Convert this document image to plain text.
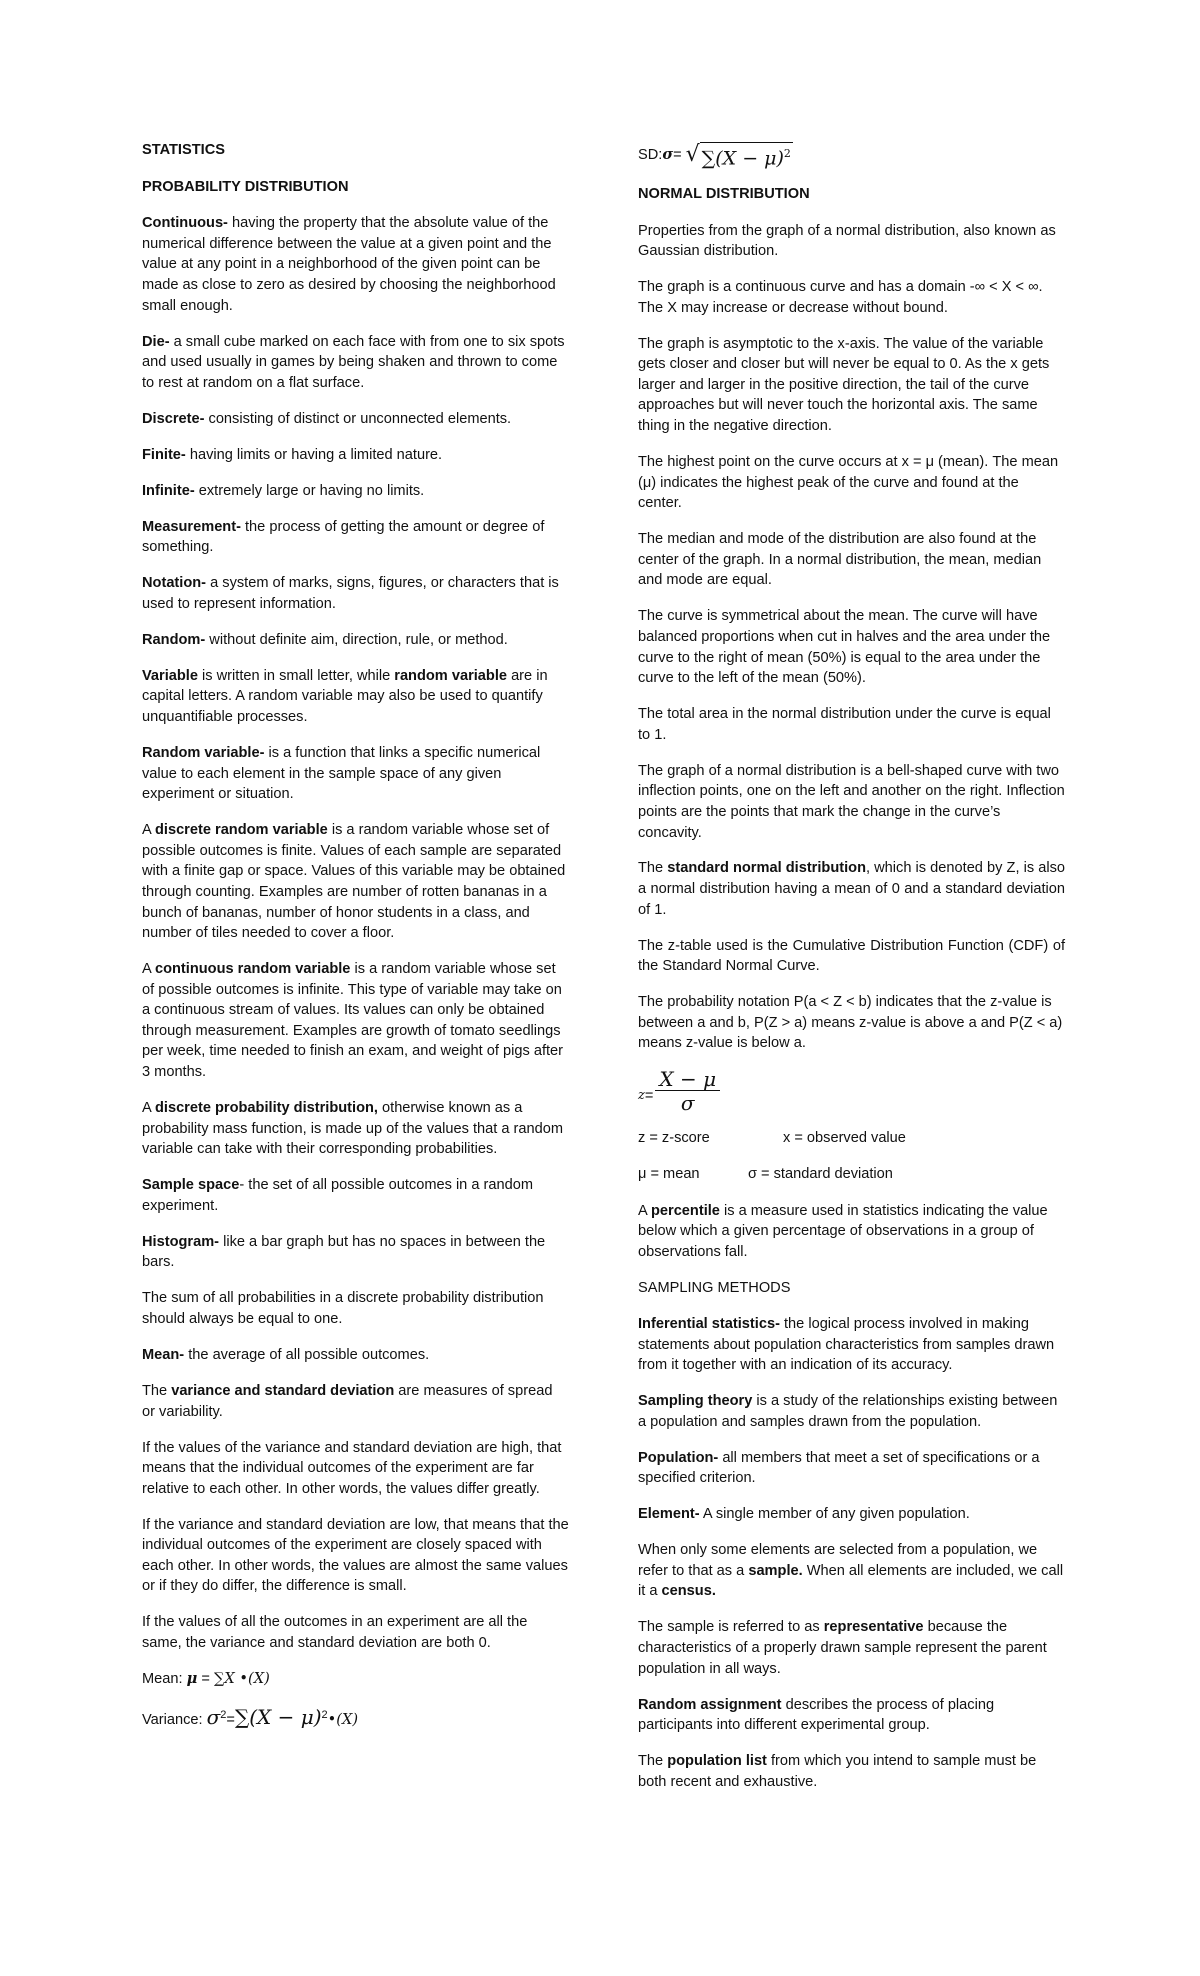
STATISTICS

PROBABILITY DISTRIBUTION

Continuous- having the property that the absolute value of the numerical difference between the value at a given point and the value at any point in a neighborhood of the given point can be made as close to zero as desired by choosing the neighborhood small enough.

Die- a small cube marked on each face with from one to six spots and used usually in games by being shaken and thrown to come to rest at random on a flat surface.

Discrete- consisting of distinct or unconnected elements.

Finite- having limits or having a limited nature.

Infinite- extremely large or having no limits.

Measurement- the process of getting the amount or degree of something.

Notation- a system of marks, signs, figures, or characters that is used to represent information.

Random- without definite aim, direction, rule, or method.

Variable is written in small letter, while random variable are in capital letters. A random variable may also be used to quantify unquantifiable processes.

Random variable- is a function that links a specific numerical value to each element in the sample space of any given experiment or situation.

A discrete random variable is a random variable whose set of possible outcomes is finite. Values of each sample are separated with a finite gap or space. Values of this variable may be obtained through counting. Examples are number of rotten bananas in a bunch of bananas, number of honor students in a class, and number of tiles needed to cover a floor.

A continuous random variable is a random variable whose set of possible outcomes is infinite. This type of variable may take on a continuous stream of values. Its values can only be obtained through measurement. Examples are growth of tomato seedlings per week, time needed to finish an exam, and weight of pigs after 3 months.

A discrete probability distribution, otherwise known as a probability mass function, is made up of the values that a random variable can take with their corresponding probabilities.

Sample space- the set of all possible outcomes in a random experiment.

Histogram- like a bar graph but has no spaces in between the bars.

The sum of all probabilities in a discrete probability distribution should always be equal to one.

Mean- the average of all possible outcomes.

The variance and standard deviation are measures of spread or variability.

If the values of the variance and standard deviation are high, that means that the individual outcomes of the experiment are far relative to each other. In other words, the values differ greatly.

If the variance and standard deviation are low, that means that the individual outcomes of the experiment are closely spaced with each other. In other words, the values are almost the same values or if they do differ, the difference is small.

If the values of all the outcomes in an experiment are all the same, the variance and standard deviation are both 0.

Mean: μ = ∑X •(X)

Variance: $\sigma^2=\sum(X$ − $\mu)^2•(X)$

SD: σ = √ $\sum(X - \mu)^2$

NORMAL DISTRIBUTION

Properties from the graph of a normal distribution, also known as Gaussian distribution.

The graph is a continuous curve and has a domain -∞ < X < ∞. The X may increase or decrease without bound.

The graph is asymptotic to the x-axis. The value of the variable gets closer and closer but will never be equal to 0. As the x gets larger and larger in the positive direction, the tail of the curve approaches but will never touch the horizontal axis. The same thing in the negative direction.

The highest point on the curve occurs at x = μ (mean). The mean (μ) indicates the highest peak of the curve and found at the center.

The median and mode of the distribution are also found at the center of the graph. In a normal distribution, the mean, median and mode are equal.

The curve is symmetrical about the mean. The curve will have balanced proportions when cut in halves and the area under the curve to the right of mean (50%) is equal to the area under the curve to the left of the mean (50%).

The total area in the normal distribution under the curve is equal to 1.

The graph of a normal distribution is a bell-shaped curve with two inflection points, one on the left and another on the right. Inflection points are the points that mark the change in the curve’s concavity.

The standard normal distribution, which is denoted by Z, is also a normal distribution having a mean of 0 and a standard deviation of 1.

The z-table used is the Cumulative Distribution Function (CDF) of the Standard Normal Curve.

The probability notation P(a < Z < b) indicates that the z-value is between a and b, P(Z > a) means z-value is above a and P(Z < a) means z-value is below a.

$z = \frac{X - \mu}{\sigma}$
z = z-score	x = observed value
μ = mean	σ = standard deviation

A percentile is a measure used in statistics indicating the value below which a given percentage of observations in a group of observations fall.

SAMPLING METHODS

Inferential statistics- the logical process involved in making statements about population characteristics from samples drawn from it together with an indication of its accuracy.

Sampling theory is a study of the relationships existing between a population and samples drawn from the population.

Population- all members that meet a set of specifications or a specified criterion.

Element- A single member of any given population.

When only some elements are selected from a population, we refer to that as a sample. When all elements are included, we call it a census.

The sample is referred to as representative because the characteristics of a properly drawn sample represent the parent population in all ways.

Random assignment describes the process of placing participants into different experimental group.

The population list from which you intend to sample must be both recent and exhaustive.
